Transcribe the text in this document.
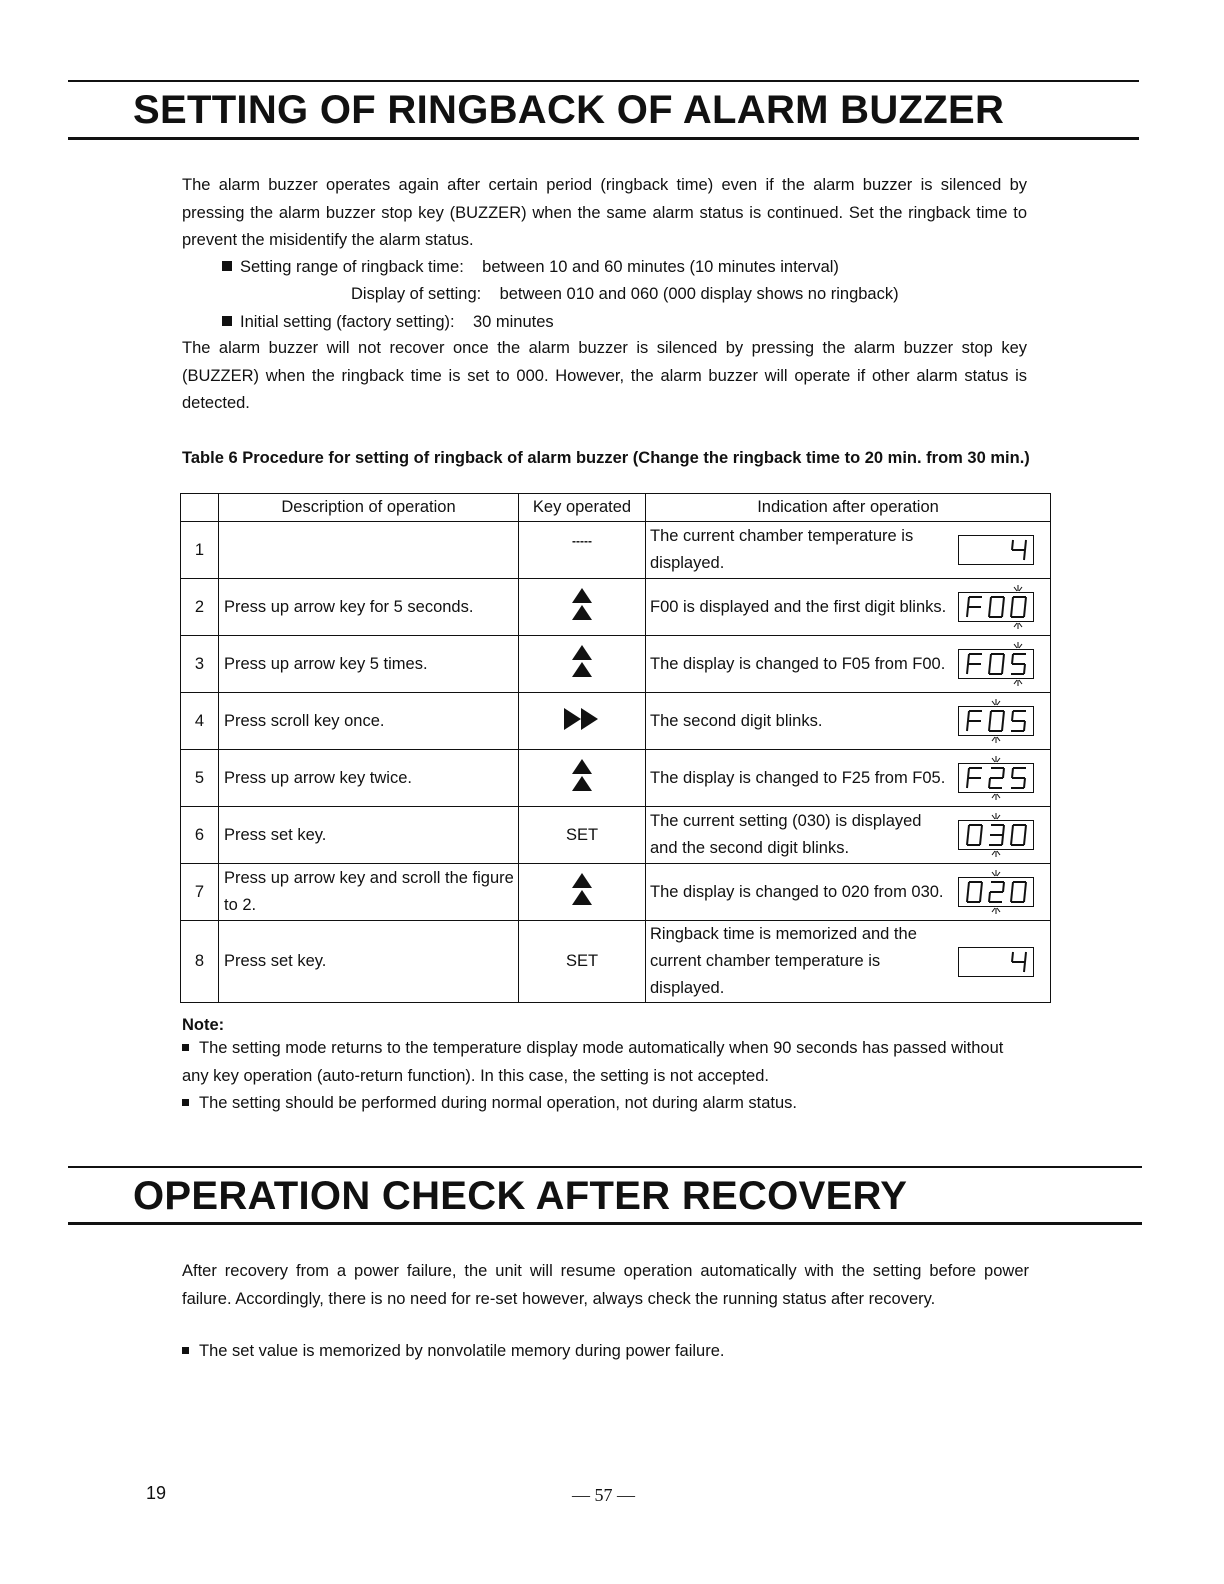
SETTING OF RINGBACK OF ALARM BUZZER
The alarm buzzer operates again after certain period (ringback time) even if the alarm buzzer is silenced by pressing the alarm buzzer stop key (BUZZER) when the same alarm status is continued. Set the ringback time to prevent the misidentify the alarm status.
Setting range of ringback time: between 10 and 60 minutes (10 minutes interval)
Display of setting: between 010 and 060 (000 display shows no ringback)
Initial setting (factory setting): 30 minutes
The alarm buzzer will not recover once the alarm buzzer is silenced by pressing the alarm buzzer stop key (BUZZER) when the ringback time is set to 000. However, the alarm buzzer will operate if other alarm status is detected.
Table 6 Procedure for setting of ringback of alarm buzzer (Change the ringback time to 20 min. from 30 min.)
	Description of operation	Key operated	Indication after operation
1		-----	The current chamber temperature is displayed.

2	Press up arrow key for 5 seconds.		F00 is displayed and the first digit blinks.

3	Press up arrow key 5 times.		The display is changed to F05 from F00.

4	Press scroll key once.		The second digit blinks.

5	Press up arrow key twice.		The display is changed to F25 from F05.

6	Press set key.	SET	The current setting (030) is displayed and the second digit blinks.

7	Press up arrow key and scroll the figure to 2.		The display is changed to 020 from 030.

8	Press set key.	SET	Ringback time is memorized and the current chamber temperature is displayed.
Note:
The setting mode returns to the temperature display mode automatically when 90 seconds has passed without any key operation (auto-return function). In this case, the setting is not accepted.
The setting should be performed during normal operation, not during alarm status.
OPERATION CHECK AFTER RECOVERY
After recovery from a power failure, the unit will resume operation automatically with the setting before power failure. Accordingly, there is no need for re-set however, always check the running status after recovery.
The set value is memorized by nonvolatile memory during power failure.
19	— 57 —
